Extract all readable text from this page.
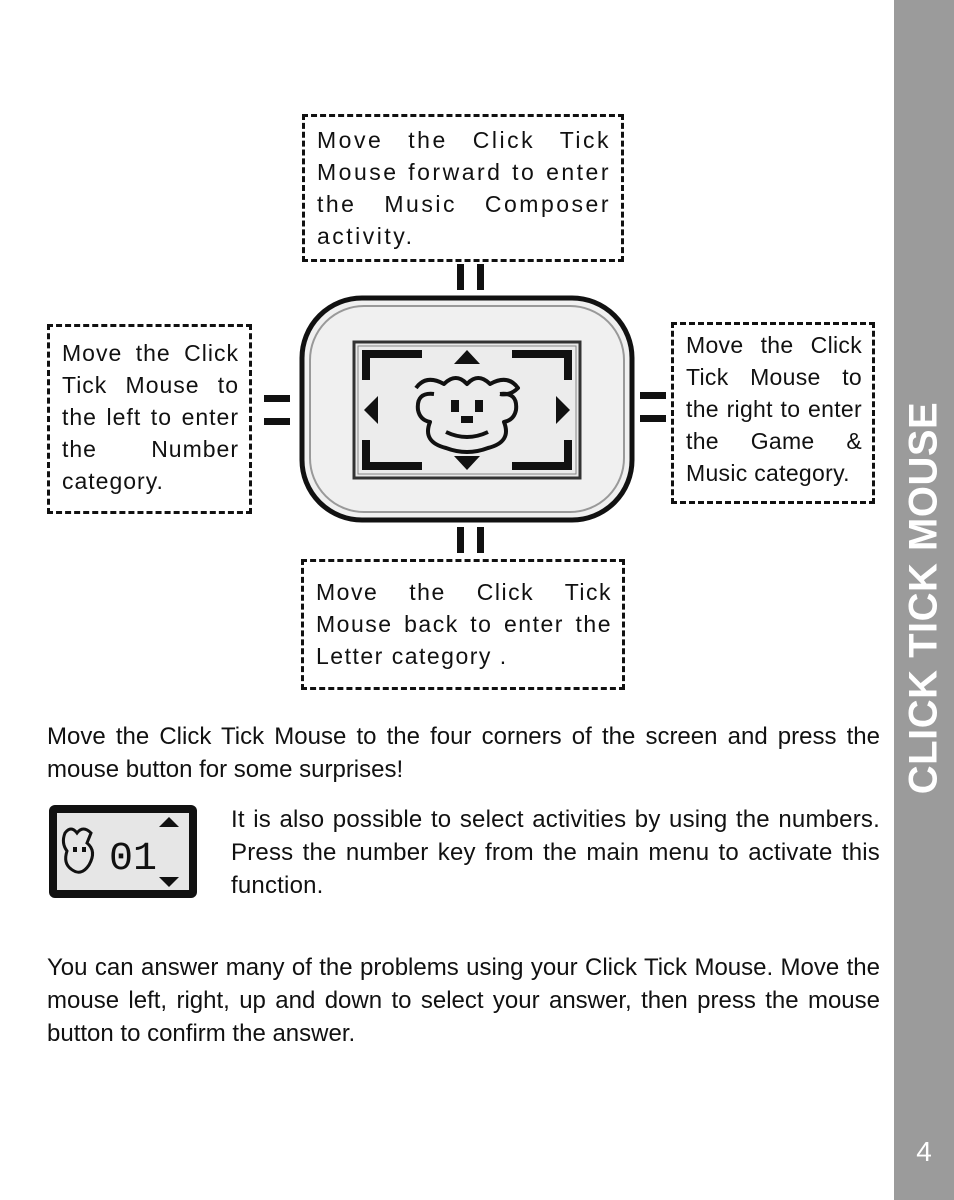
CLICK TICK MOUSE
4
Move the Click Tick Mouse forward to enter the Music Composer activity.
Move the Click Tick Mouse to the left to enter the Number category.
Move the Click Tick Mouse to the right to enter the Game & Music category.
Move the Click Tick Mouse back to enter the Letter category .

Move the Click Tick Mouse to the four corners of the screen and press the mouse button for some surprises!

01

It is also possible to select activities by using the numbers. Press the number key from the main menu to activate this function.

You can answer many of the problems using your Click Tick Mouse. Move the mouse left, right, up and down to select your answer, then press the mouse button to confirm the answer.
